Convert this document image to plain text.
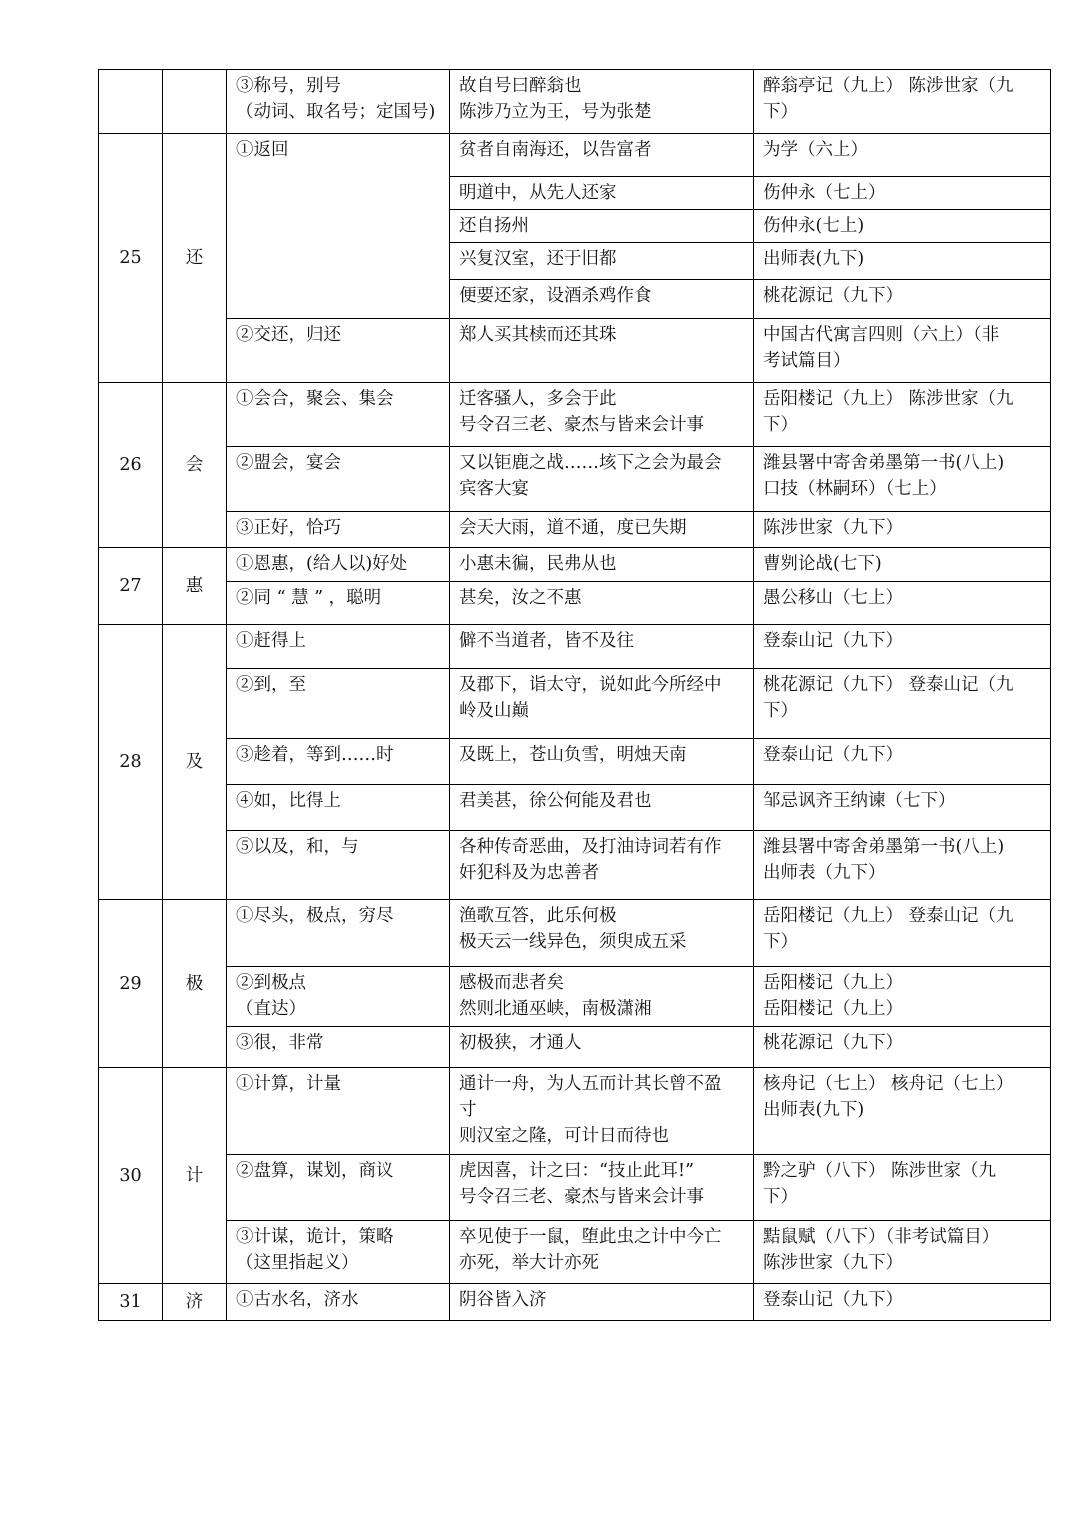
		③称号，别号
（动词、取名号；定国号)	故自号曰醉翁也
陈涉乃立为王，号为张楚	醉翁亭记（九上） 陈涉世家（九
下）

25	还	①返回	贫者自南海还，以告富者	为学（六上）

			明道中，从先人还家	伤仲永（七上）

			还自扬州	伤仲永(七上)

			兴复汉室，还于旧都	出师表(九下)

			便要还家，设酒杀鸡作食	桃花源记（九下）

		②交还，归还	郑人买其椟而还其珠	中国古代寓言四则（六上）（非
考试篇目）

26	会	①会合，聚会、集会	迁客骚人，多会于此
号令召三老、豪杰与皆来会计事	岳阳楼记（九上） 陈涉世家（九
下）

		②盟会，宴会	又以钜鹿之战……垓下之会为最会
宾客大宴	潍县署中寄舍弟墨第一书(八上)
口技（林嗣环）（七上）

		③正好，恰巧	会天大雨，道不通，度已失期	陈涉世家（九下）

27	惠	①恩惠，(给人以)好处	小惠未徧，民弗从也	曹刿论战(七下)

		②同 “ 慧 ” ，聪明	甚矣，汝之不惠	愚公移山（七上）

28	及	①赶得上	僻不当道者，皆不及往	登泰山记（九下）

		②到，至	及郡下，诣太守，说如此今所经中
岭及山巅	桃花源记（九下） 登泰山记（九
下）

		③趁着，等到……时	及既上，苍山负雪，明烛天南	登泰山记（九下）

		④如，比得上	君美甚，徐公何能及君也	邹忌讽齐王纳谏（七下）

		⑤以及，和，与	各种传奇恶曲，及打油诗词若有作
奸犯科及为忠善者	潍县署中寄舍弟墨第一书(八上)
出师表（九下）

29	极	①尽头，极点，穷尽	渔歌互答，此乐何极
极天云一线异色，须臾成五采	岳阳楼记（九上） 登泰山记（九
下）

		②到极点
（直达）	感极而悲者矣
然则北通巫峡，南极潇湘	岳阳楼记（九上）
岳阳楼记（九上）

		③很，非常	初极狭，才通人	桃花源记（九下）

30	计	①计算，计量	通计一舟，为人五而计其长曾不盈
寸
则汉室之隆，可计日而待也	核舟记（七上） 核舟记（七上）
出师表(九下)

		②盘算，谋划，商议	虎因喜，计之曰：“技止此耳!”
号令召三老、豪杰与皆来会计事	黔之驴（八下） 陈涉世家（九
下）

		③计谋，诡计，策略
（这里指起义）	卒见使于一鼠，堕此虫之计中今亡
亦死，举大计亦死	黠鼠赋（八下）（非考试篇目）
陈涉世家（九下）

31	济	①古水名，济水	阴谷皆入济	登泰山记（九下）
